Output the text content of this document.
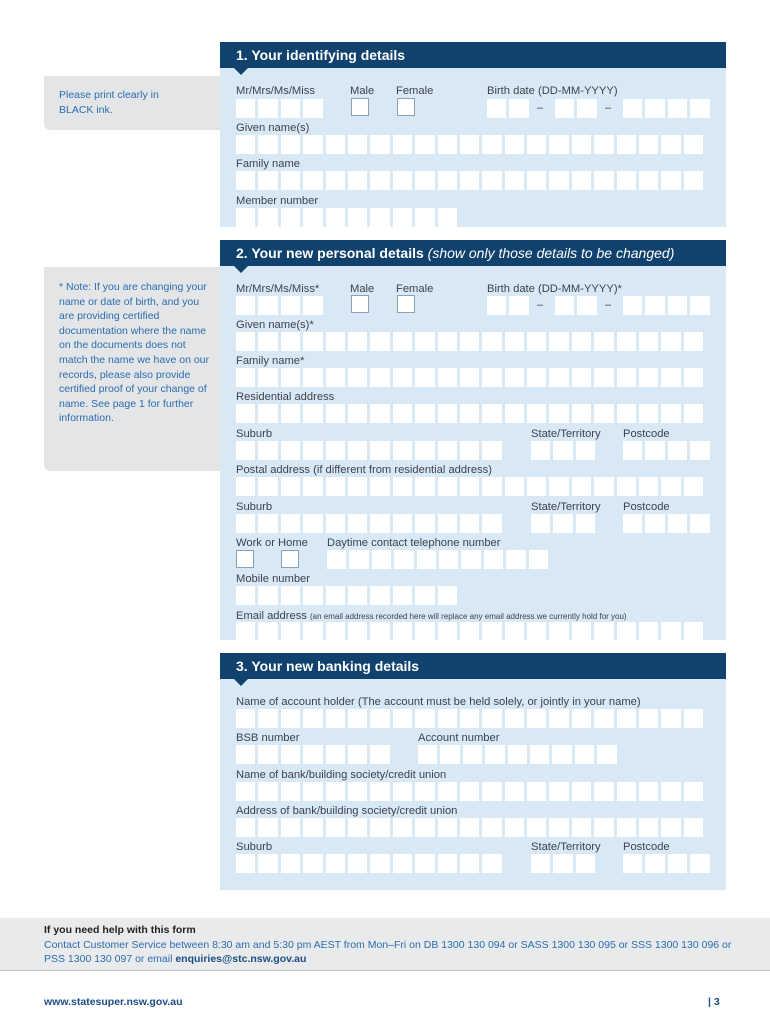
Please print clearly in BLACK ink.
* Note: If you are changing your name or date of birth, and you are providing certified documentation where the name on the documents does not match the name we have on our records, please also provide certified proof of your change of name. See page 1 for further information.
1. Your identifying details
Mr/Mrs/Ms/Miss	Male Female	Birth date (DD-MM-YYYY)
–	–
Given name(s)
Family name
Member number
2. Your new personal details (show only those details to be changed)
Mr/Mrs/Ms/Miss*	Male Female	Birth date (DD-MM-YYYY)*
–	–
Given name(s)*
Family name*
Residential address
Suburb	State/Territory Postcode
Postal address (if different from residential address)
Suburb	State/Territory Postcode
Work or Home Daytime contact telephone number
Mobile number
Email address (an email address recorded here will replace any email address we currently hold for you)
3. Your new banking details
Name of account holder (The account must be held solely, or jointly in your name)
BSB number	Account number
Name of bank/building society/credit union
Address of bank/building society/credit union
Suburb	State/Territory Postcode
If you need help with this form
Contact Customer Service between 8:30 am and 5:30 pm AEST from Mon–Fri on DB 1300 130 094 or SASS 1300 130 095 or SSS 1300 130 096 or PSS 1300 130 097 or email enquiries@stc.nsw.gov.au
www.statesuper.nsw.gov.au	| 3
